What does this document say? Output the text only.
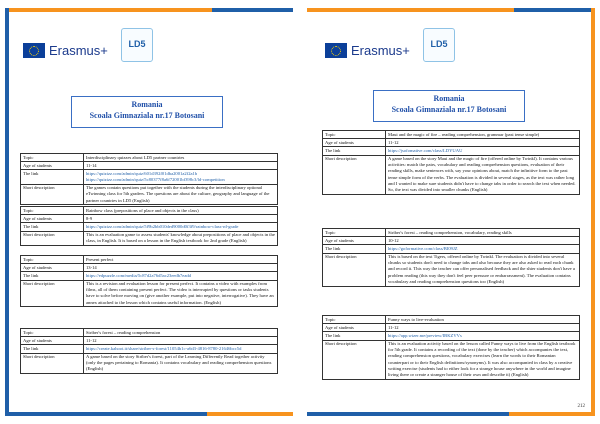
Erasmus+	LD5
Romania
Scoala Gimnaziala nr.17 Botosani
Topic	Interdisciplinary quizzes about LD5 partner countries
Age of students	11-14
The link	https://quizizz.com/admin/quiz/601d392f01dba2001a2f2a1b
https://quizizz.com/admin/quiz/5c80377f8a6f72001bf398c3/ld-competition
Short description	The games contain questions put together with the students during the interdisciplinary optional eTwinning class for 5th graders. The questions are about the culture, geography and language of the partner countries in LD5 (English)
Topic	Rainbow class (prepositions of place and objects in the class)
Age of students	8-9
The link	https://quizizz.com/admin/quiz/5f9b2bb010ded9000d0f3f9/rainbow-class-rd-grade
Short description	This is an evaluation game to assess students' knowledge about prepositions of place and objects in the class, in English. It is based on a lesson in the English textbook for 2nd grade (English)
Topic	Present perfect
Age of students	13-14
The link	https://edpuzzle.com/media/5c87d2a76d5ac23eedb7eadd
Short description	This is a revision and evaluation lesson for present perfect. It contains a video with examples from films, all of them containing present perfect. The video is interrupted by questions or tasks students have to solve before moving on (give another example, put into negative, interrogative). They have an annex attached to the lesson which contains useful information. (English)
Topic	Striber's forest – reading comprehension
Age of students	11-12
The link	https://create.kahoot.it/share/striber-s-forest/11054b1c-a6d3-4816-8780-21646bcc5d
Short description	A game based on the story Striber's forest, part of the Learning Differently Read together activity (only the pages pertaining to Romania). It contains vocabulary and reading comprehension questions (English)
Erasmus+	LD5
Romania
Scoala Gimnaziala nr.17 Botosani
Topic	Maui and the magic of fire – reading comprehension, grammar (past tense simple)
Age of students	11-12
The link	https://jsofomative.com/class/LDYUAU
Short description	A game based on the story Maui and the magic of fire (offered online by Twinkl). It contains various activities: match the pairs, vocabulary and reading comprehension questions, evaluation of their reading skills, make sentences with, say your opinions about, match the infinitive form to the past tense simple form of the verbs. The evaluation is divided in several stages, as the text was rather long and I wanted to make sure students didn't have to change tabs in order to search the text when needed. So, the text was divided into smaller chunks (English)
Topic	Striber's forest – reading comprehension, vocabulary, reading skills
Age of students	10-12
The link	https://goformative.com/class/BI09JZ
Short description	This is based on the text Tigers, offered online by Twinkl. The evaluation is divided into several chunks so students don't need to change tabs and also because they are also asked to read each chunk and record it. This way the teacher can offer personalised feedback and the shier students don't have a problem reading (this way they don't feel peer pressure or embarrassment). The evaluation contains vocabulary and reading comprehension questions too (English)
Topic	Funny ways to live-evaluation
Age of students	11-12
The link	https://app.wizer.me/preview/IBKZVVs
Short description	This is an evaluation activity based on the lesson called Funny ways to live from the English textbook for 5th grade. It contains a recording of the text (done by the teacher) which accompanies the text, reading comprehension questions, vocabulary exercises (learn the words to their Romanian counterpart or to their English definitions/synonyms). It was also accompanied in class by a creative writing exercise (students had to either look for a strange house anywhere in the world and imagine living there or create a stranger house of their own and describe it) (English)
212
